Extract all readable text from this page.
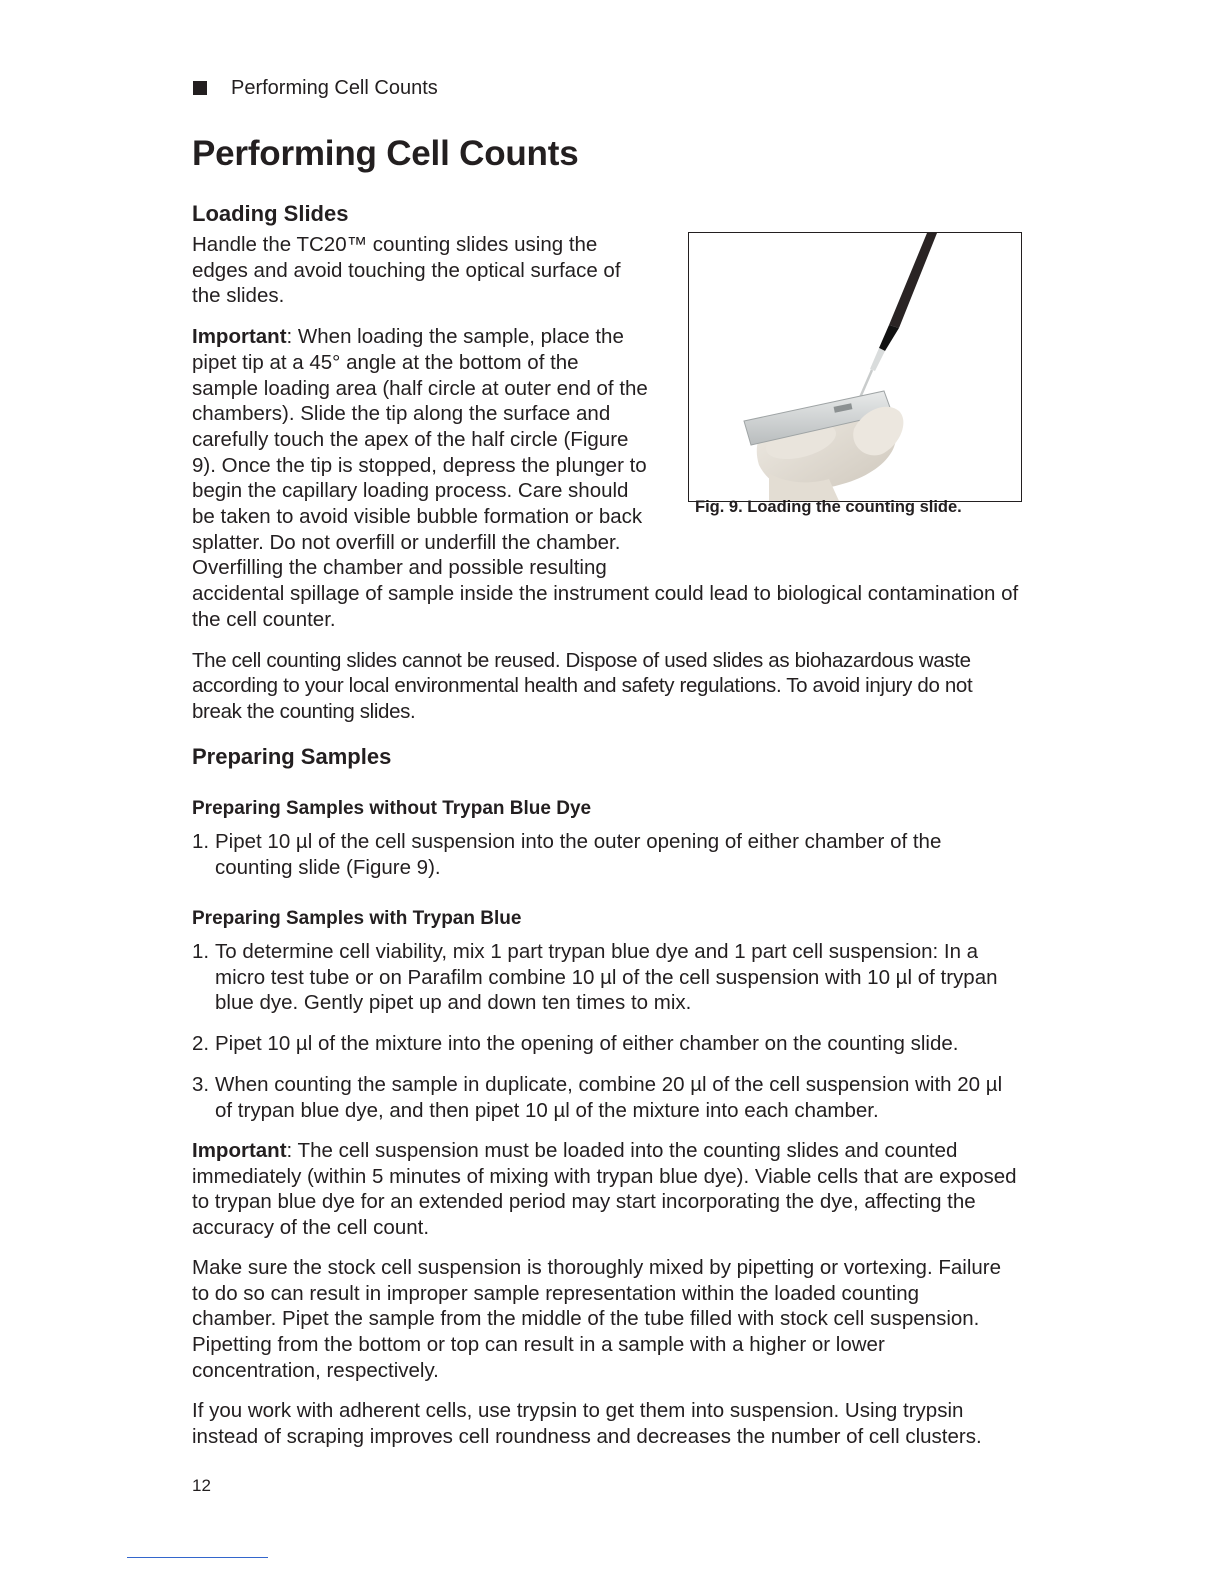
Performing Cell Counts
Performing Cell Counts
Loading Slides

Handle the TC20™ counting slides using the edges and avoid touching the optical surface of the slides.

Important: When loading the sample, place the pipet tip at a 45° angle at the bottom of the sample loading area (half circle at outer end of the chambers). Slide the tip along the surface and carefully touch the apex of the half circle (Figure 9). Once the tip is stopped, depress the plunger to begin the capillary loading process. Care should be taken to avoid visible bubble formation or back splatter. Do not overfill or underfill the chamber. Overfilling the chamber and possible resulting accidental spillage of sample inside the instrument could lead to biological contamination of the cell counter.

The cell counting slides cannot be reused. Dispose of used slides as biohazardous waste according to your local environmental health and safety regulations. To avoid injury do not break the counting slides.

Fig. 9. Loading the counting slide.

Preparing Samples
Preparing Samples without Trypan Blue Dye
1. Pipet 10 µl of the cell suspension into the outer opening of either chamber of the counting slide (Figure 9).
Preparing Samples with Trypan Blue
1. To determine cell viability, mix 1 part trypan blue dye and 1 part cell suspension: In a micro test tube or on Parafilm combine 10 µl of the cell suspension with 10 µl of trypan blue dye. Gently pipet up and down ten times to mix.
2. Pipet 10 µl of the mixture into the opening of either chamber on the counting slide.
3. When counting the sample in duplicate, combine 20 µl of the cell suspension with 20 µl of trypan blue dye, and then pipet 10 µl of the mixture into each chamber.

Important: The cell suspension must be loaded into the counting slides and counted immediately (within 5 minutes of mixing with trypan blue dye). Viable cells that are exposed to trypan blue dye for an extended period may start incorporating the dye, affecting the accuracy of the cell count.

Make sure the stock cell suspension is thoroughly mixed by pipetting or vortexing. Failure to do so can result in improper sample representation within the loaded counting chamber. Pipet the sample from the middle of the tube filled with stock cell suspension. Pipetting from the bottom or top can result in a sample with a higher or lower concentration, respectively.

If you work with adherent cells, use trypsin to get them into suspension. Using trypsin instead of scraping improves cell roundness and decreases the number of cell clusters.

12
